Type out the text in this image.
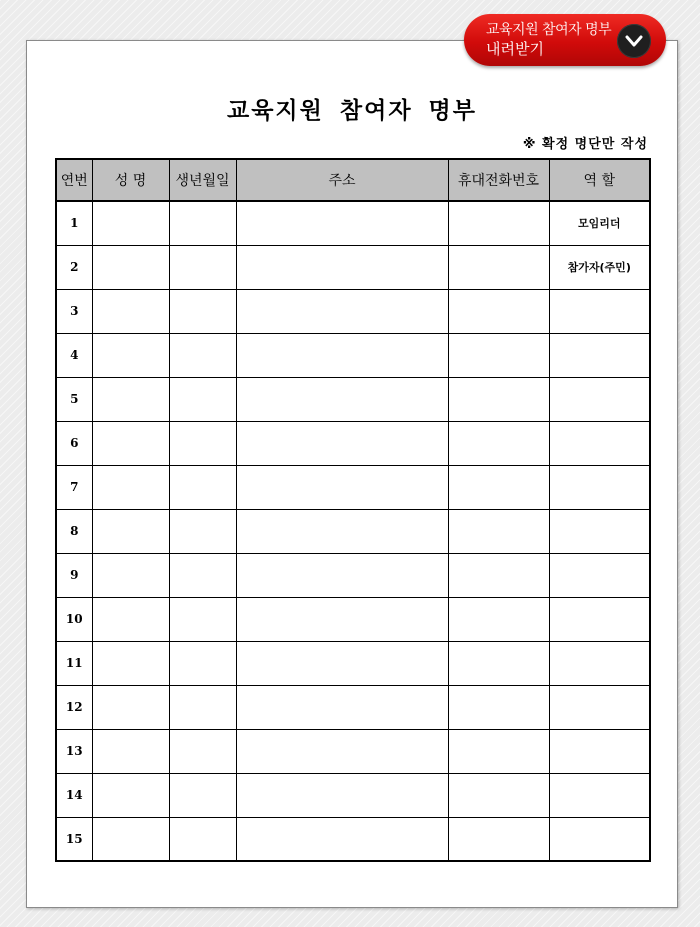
교육지원 참여자 명부
내려받기
교육지원 참여자 명부
※ 확정 명단만 작성
연번	성 명	생년월일	주소	휴대전화번호	역 할
1					모임리더
2					참가자(주민)
3					
4					
5					
6					
7					
8					
9					
10					
11					
12					
13					
14					
15					
